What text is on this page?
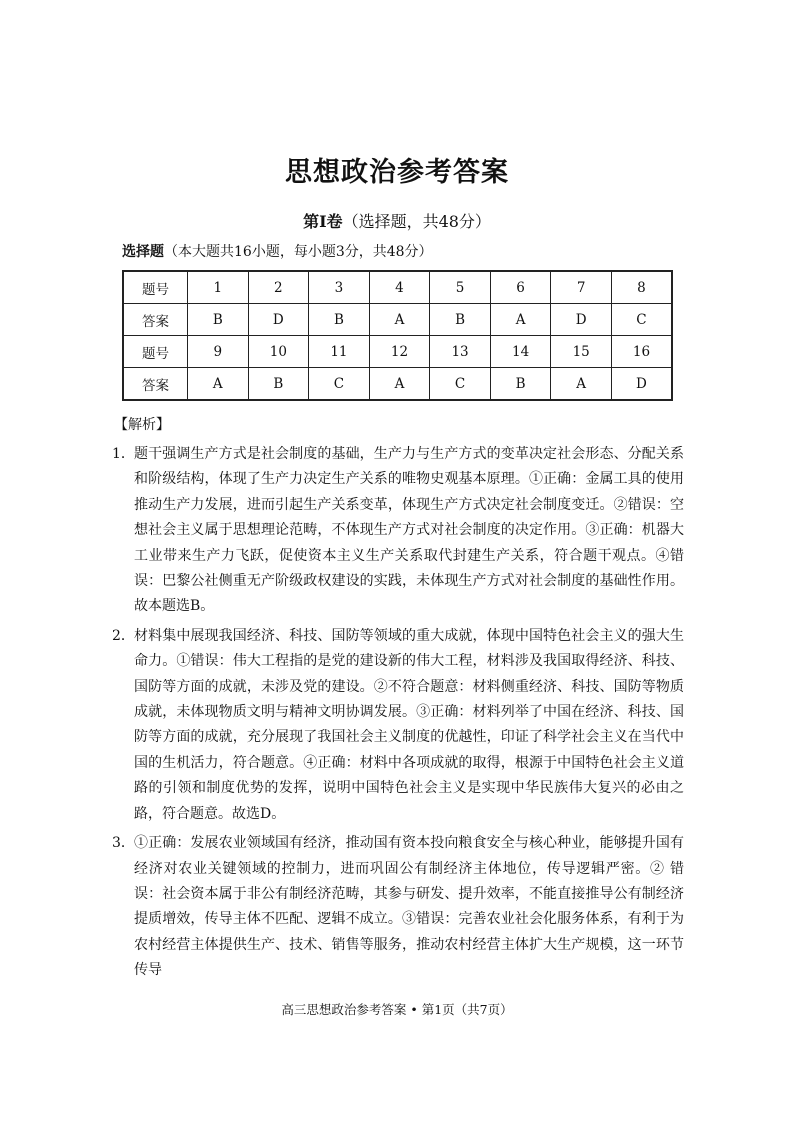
思想政治参考答案
第Ⅰ卷（选择题，共48分）
选择题（本大题共16小题，每小题3分，共48分）
题号	1	2	3	4	5	6	7	8
答案	B	D	B	A	B	A	D	C
题号	9	10	11	12	13	14	15	16
答案	A	B	C	A	C	B	A	D
【解析】
1． 题干强调生产方式是社会制度的基础，生产力与生产方式的变革决定社会形态、分配关系和阶级结构，体现了生产力决定生产关系的唯物史观基本原理。①正确：金属工具的使用推动生产力发展，进而引起生产关系变革，体现生产方式决定社会制度变迁。②错误：空想社会主义属于思想理论范畴，不体现生产方式对社会制度的决定作用。③正确：机器大工业带来生产力飞跃，促使资本主义生产关系取代封建生产关系，符合题干观点。④错误：巴黎公社侧重无产阶级政权建设的实践，未体现生产方式对社会制度的基础性作用。故本题选B。
2． 材料集中展现我国经济、科技、国防等领域的重大成就，体现中国特色社会主义的强大生命力。①错误：伟大工程指的是党的建设新的伟大工程，材料涉及我国取得经济、科技、国防等方面的成就，未涉及党的建设。②不符合题意：材料侧重经济、科技、国防等物质成就，未体现物质文明与精神文明协调发展。③正确：材料列举了中国在经济、科技、国防等方面的成就，充分展现了我国社会主义制度的优越性，印证了科学社会主义在当代中国的生机活力，符合题意。④正确：材料中各项成就的取得，根源于中国特色社会主义道路的引领和制度优势的发挥，说明中国特色社会主义是实现中华民族伟大复兴的必由之路，符合题意。故选D。
3． ①正确：发展农业领域国有经济，推动国有资本投向粮食安全与核心种业，能够提升国有经济对农业关键领域的控制力，进而巩固公有制经济主体地位，传导逻辑严密。② 错误：社会资本属于非公有制经济范畴，其参与研发、提升效率，不能直接推导公有制经济提质增效，传导主体不匹配、逻辑不成立。③错误：完善农业社会化服务体系，有利于为农村经营主体提供生产、技术、销售等服务，推动农村经营主体扩大生产规模，这一环节传导
高三思想政治参考答案 • 第1页（共7页）
